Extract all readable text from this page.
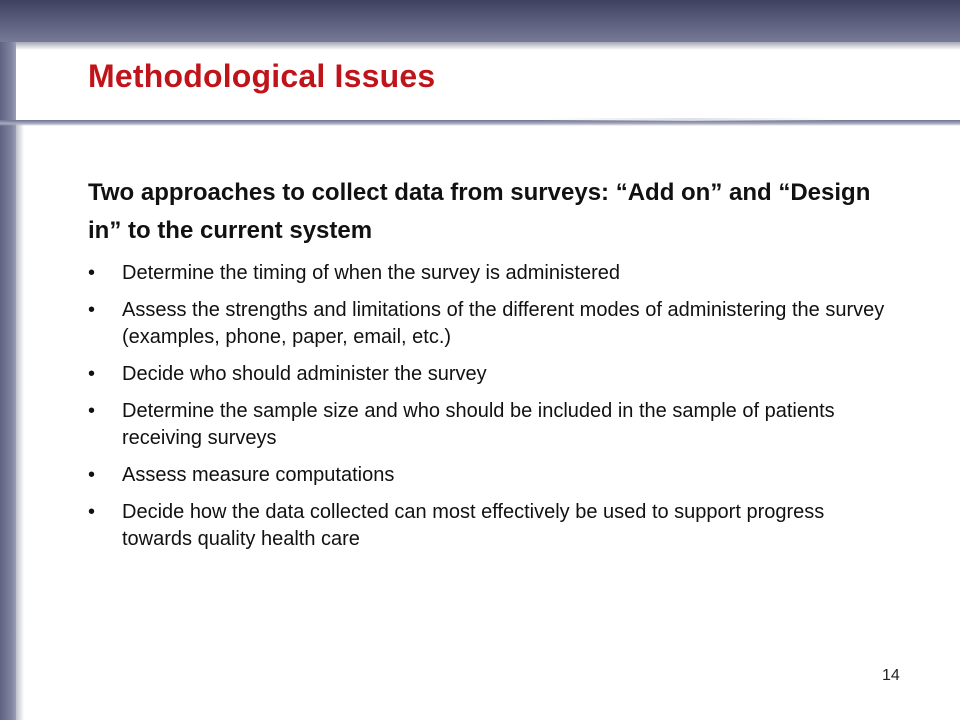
Methodological Issues

Two approaches to collect data from surveys: “Add on” and “Design in” to the current system

• Determine the timing of when the survey is administered
• Assess the strengths and limitations of the different modes of administering the survey (examples, phone, paper, email, etc.)
• Decide who should administer the survey
• Determine the sample size and who should be included in the sample of patients receiving surveys
• Assess measure computations
• Decide how the data collected can most effectively be used to support progress towards quality health care
14
